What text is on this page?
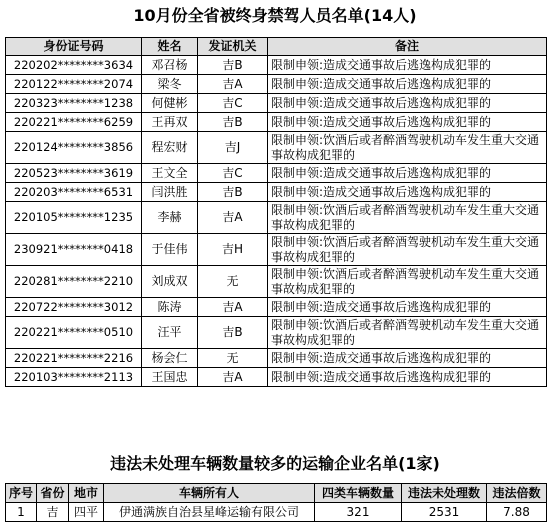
10月份全省被终身禁驾人员名单(14人)
身份证号码	姓名	发证机关	备注
220202********3634	邓召杨	吉B	限制申领:造成交通事故后逃逸构成犯罪的
220122********2074	梁冬	吉A	限制申领:造成交通事故后逃逸构成犯罪的
220323********1238	何健彬	吉C	限制申领:造成交通事故后逃逸构成犯罪的
220221********6259	王再双	吉B	限制申领:造成交通事故后逃逸构成犯罪的
220124********3856	程宏财	吉J	限制申领:饮酒后或者醉酒驾驶机动车发生重大交通事故构成犯罪的
220523********3619	王文全	吉C	限制申领:造成交通事故后逃逸构成犯罪的
220203********6531	闫洪胜	吉B	限制申领:造成交通事故后逃逸构成犯罪的
220105********1235	李赫	吉A	限制申领:饮酒后或者醉酒驾驶机动车发生重大交通事故构成犯罪的
230921********0418	于佳伟	吉H	限制申领:饮酒后或者醉酒驾驶机动车发生重大交通事故构成犯罪的
220281********2210	刘成双	无	限制申领:饮酒后或者醉酒驾驶机动车发生重大交通事故构成犯罪的
220722********3012	陈涛	吉A	限制申领:造成交通事故后逃逸构成犯罪的
220221********0510	汪平	吉B	限制申领:饮酒后或者醉酒驾驶机动车发生重大交通事故构成犯罪的
220221********2216	杨会仁	无	限制申领:造成交通事故后逃逸构成犯罪的
220103********2113	王国忠	吉A	限制申领:造成交通事故后逃逸构成犯罪的
违法未处理车辆数量较多的运输企业名单(1家)
序号	省份	地市	车辆所有人	四类车辆数量	违法未处理数	违法倍数
1	吉	四平	伊通满族自治县星峰运输有限公司	321	2531	7.88
